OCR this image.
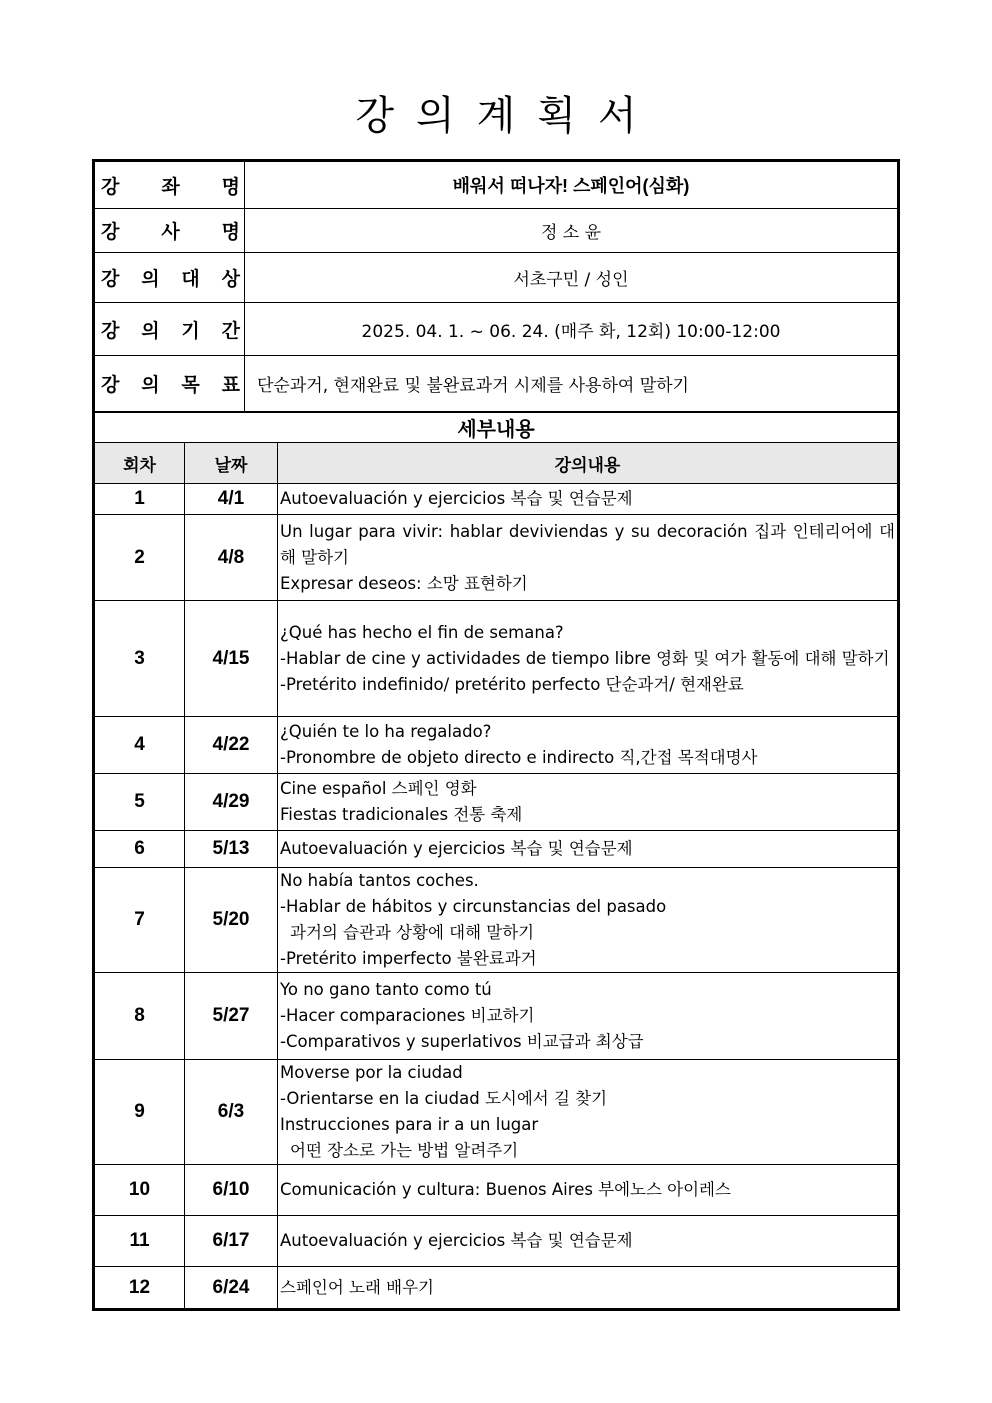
강의계획서
강 좌 명	배워서 떠나자! 스페인어(심화)

강 사 명	정 소 윤

강 의 대 상	서초구민 / 성인

강 의 기 간	2025. 04. 1. ~ 06. 24. (매주 화, 12회) 10:00-12:00

강 의 목 표	단순과거, 현재완료 및 불완료과거 시제를 사용하여 말하기
세부내용		
회차	날짜	강의내용
1	4/1	Autoevaluación y ejercicios 복습 및 연습문제

2	4/8	Un lugar para vivir: hablar deviviendas y su decoración 집과 인테리어에 대해 말하기
Expresar deseos: 소망 표현하기

3	4/15	¿Qué has hecho el fin de semana?
-Hablar de cine y actividades de tiempo libre 영화 및 여가 활동에 대해 말하기
-Pretérito indefinido/ pretérito perfecto 단순과거/ 현재완료

4	4/22	¿Quién te lo ha regalado?
-Pronombre de objeto directo e indirecto 직,간접 목적대명사

5	4/29	Cine español 스페인 영화
Fiestas tradicionales 전통 축제

6	5/13	Autoevaluación y ejercicios 복습 및 연습문제

7	5/20	No había tantos coches.
-Hablar de hábitos y circunstancias del pasado
과거의 습관과 상황에 대해 말하기
-Pretérito imperfecto 불완료과거

8	5/27	Yo no gano tanto como tú
-Hacer comparaciones 비교하기
-Comparativos y superlativos 비교급과 최상급

9	6/3	Moverse por la ciudad
-Orientarse en la ciudad 도시에서 길 찾기
Instrucciones para ir a un lugar
어떤 장소로 가는 방법 알려주기

10	6/10	Comunicación y cultura: Buenos Aires 부에노스 아이레스

11	6/17	Autoevaluación y ejercicios 복습 및 연습문제

12	6/24	스페인어 노래 배우기
